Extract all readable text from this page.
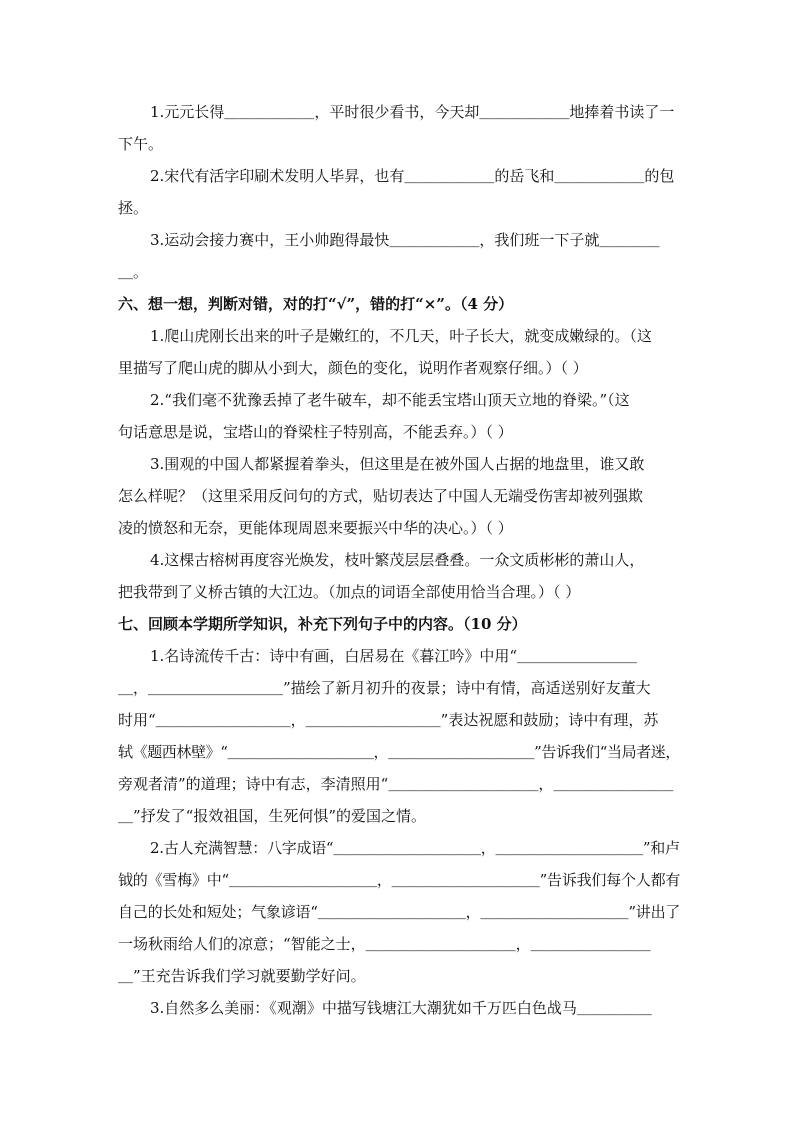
1.元元长得＿＿＿＿＿＿，平时很少看书，今天却＿＿＿＿＿＿地捧着书读了一
下午。
2.宋代有活字印刷术发明人毕昇，也有＿＿＿＿＿＿的岳飞和＿＿＿＿＿＿的包
拯。
3.运动会接力赛中，王小帅跑得最快＿＿＿＿＿＿，我们班一下子就＿＿＿＿
＿。
六、想一想，判断对错，对的打“√”，错的打“×”。（4 分）
1.爬山虎刚长出来的叶子是嫩红的，不几天，叶子长大，就变成嫩绿的。（这
里描写了爬山虎的脚从小到大，颜色的变化，说明作者观察仔细。）（ ）
2.“我们毫不犹豫丢掉了老牛破车，却不能丢宝塔山顶天立地的脊梁。”（这
句话意思是说，宝塔山的脊梁柱子特别高，不能丢弃。）（ ）
3.围观的中国人都紧握着拳头，但这里是在被外国人占据的地盘里，谁又敢
怎么样呢？（这里采用反问句的方式，贴切表达了中国人无端受伤害却被列强欺
凌的愤怒和无奈，更能体现周恩来要振兴中华的决心。）（ ）
4.这棵古榕树再度容光焕发，枝叶繁茂层层叠叠。一众文质彬彬的萧山人，
把我带到了义桥古镇的大江边。（加点的词语全部使用恰当合理。）（ ）
七、回顾本学期所学知识，补充下列句子中的内容。（10 分）
1.名诗流传千古：诗中有画，白居易在《暮江吟》中用“＿＿＿＿＿＿＿＿
＿，＿＿＿＿＿＿＿＿＿”描绘了新月初升的夜景；诗中有情，高适送别好友董大
时用“＿＿＿＿＿＿＿＿＿，＿＿＿＿＿＿＿＿＿”表达祝愿和鼓励；诗中有理，苏
轼《题西林壁》“＿＿＿＿＿＿＿＿＿＿，＿＿＿＿＿＿＿＿＿＿”告诉我们“当局者迷，
旁观者清”的道理；诗中有志，李清照用“＿＿＿＿＿＿＿＿＿＿，＿＿＿＿＿＿＿＿
＿”抒发了“报效祖国，生死何惧”的爱国之情。
2.古人充满智慧：八字成语“＿＿＿＿＿＿＿＿＿＿，＿＿＿＿＿＿＿＿＿＿”和卢
钺的《雪梅》中“＿＿＿＿＿＿＿＿＿＿，＿＿＿＿＿＿＿＿＿＿”告诉我们每个人都有
自己的长处和短处；气象谚语“＿＿＿＿＿＿＿＿＿＿，＿＿＿＿＿＿＿＿＿＿”讲出了
一场秋雨给人们的凉意；“智能之士，＿＿＿＿＿＿＿＿＿＿，＿＿＿＿＿＿＿＿
＿”王充告诉我们学习就要勤学好问。
3.自然多么美丽：《观潮》中描写钱塘江大潮犹如千万匹白色战马＿＿＿＿＿
